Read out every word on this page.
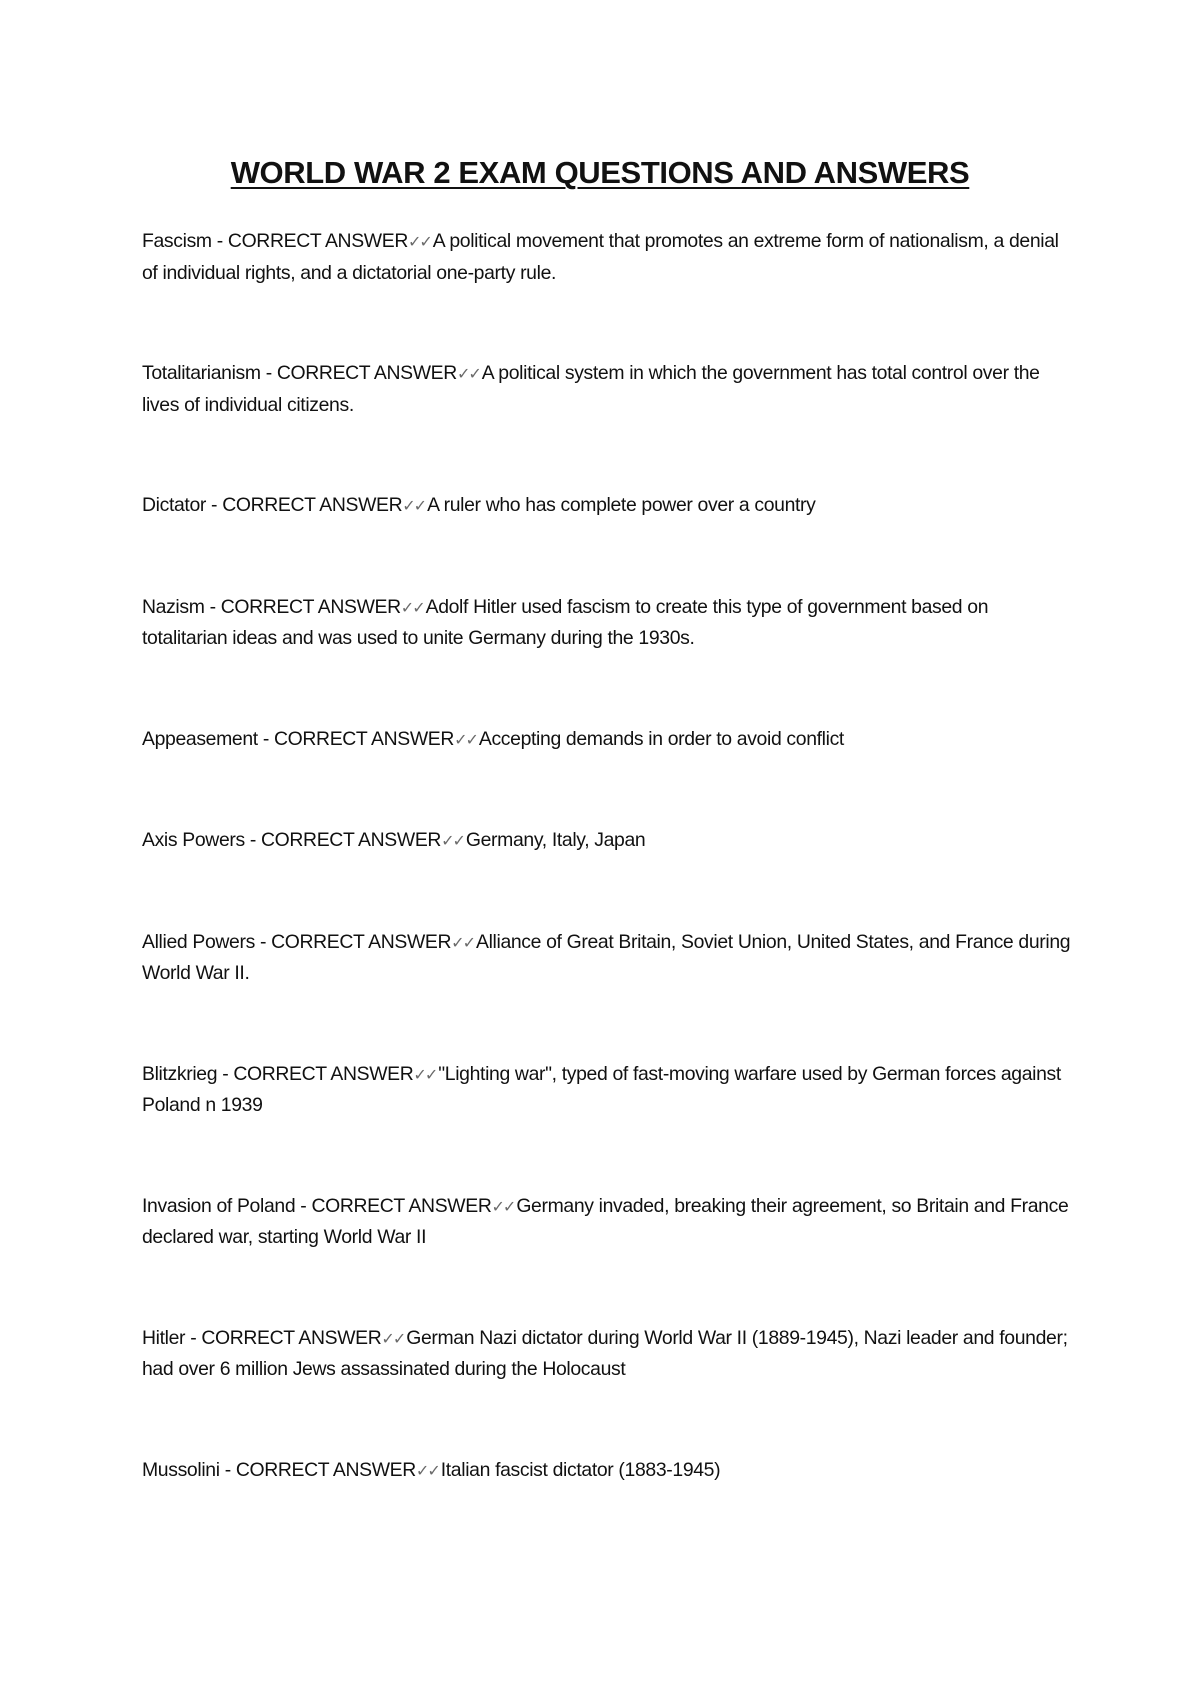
WORLD WAR 2 EXAM QUESTIONS AND ANSWERS

Fascism - CORRECT ANSWER✓✓ A political movement that promotes an extreme form of nationalism, a denial of individual rights, and a dictatorial one-party rule.

Totalitarianism - CORRECT ANSWER✓✓ A political system in which the government has total control over the lives of individual citizens.

Dictator - CORRECT ANSWER✓✓ A ruler who has complete power over a country

Nazism - CORRECT ANSWER✓✓ Adolf Hitler used fascism to create this type of government based on totalitarian ideas and was used to unite Germany during the 1930s.

Appeasement - CORRECT ANSWER✓✓ Accepting demands in order to avoid conflict

Axis Powers - CORRECT ANSWER✓✓ Germany, Italy, Japan

Allied Powers - CORRECT ANSWER✓✓ Alliance of Great Britain, Soviet Union, United States, and France during World War II.

Blitzkrieg - CORRECT ANSWER✓✓ "Lighting war", typed of fast-moving warfare used by German forces against Poland n 1939

Invasion of Poland - CORRECT ANSWER✓✓ Germany invaded, breaking their agreement, so Britain and France declared war, starting World War II

Hitler - CORRECT ANSWER✓✓ German Nazi dictator during World War II (1889-1945), Nazi leader and founder; had over 6 million Jews assassinated during the Holocaust

Mussolini - CORRECT ANSWER✓✓ Italian fascist dictator (1883-1945)
